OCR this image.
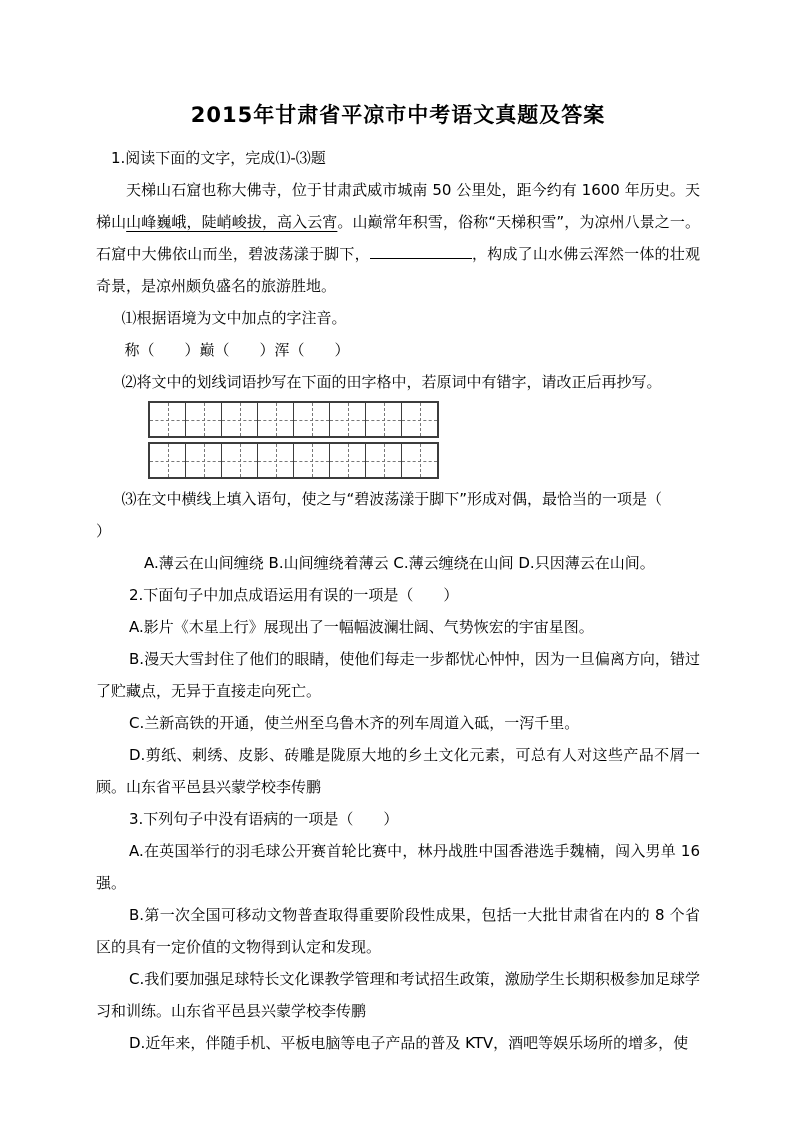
2015年甘肃省平凉市中考语文真题及答案

1.阅读下面的文字，完成⑴-⑶题

天梯山石窟也称大佛寺，位于甘肃武威市城南 50 公里处，距今约有 1600 年历史。天梯山山峰巍峨，陡峭峻拔，高入云宵。山巅常年积雪，俗称“天梯积雪”，为凉州八景之一。石窟中大佛依山而坐，碧波荡漾于脚下，	，构成了山水佛云浑然一体的壮观奇景，是凉州颇负盛名的旅游胜地。

⑴根据语境为文中加点的字注音。

称（　　）巅（　　）浑（　　）

⑵将文中的划线词语抄写在下面的田字格中，若原词中有错字，请改正后再抄写。

⑶在文中横线上填入语句，使之与“碧波荡漾于脚下”形成对偶，最恰当的一项是（

）

A.薄云在山间缠绕 B.山间缠绕着薄云 C.薄云缠绕在山间 D.只因薄云在山间。

2.下面句子中加点成语运用有误的一项是（　　）

A.影片《木星上行》展现出了一幅幅波澜壮阔、气势恢宏的宇宙星图。

B.漫天大雪封住了他们的眼睛，使他们每走一步都忧心忡忡，因为一旦偏离方向，错过了贮藏点，无异于直接走向死亡。

C.兰新高铁的开通，使兰州至乌鲁木齐的列车周道入砥，一泻千里。

D.剪纸、刺绣、皮影、砖雕是陇原大地的乡土文化元素，可总有人对这些产品不屑一顾。山东省平邑县兴蒙学校李传鹏

3.下列句子中没有语病的一项是（　　）

A.在英国举行的羽毛球公开赛首轮比赛中，林丹战胜中国香港选手魏楠，闯入男单 16 强。

B.第一次全国可移动文物普查取得重要阶段性成果，包括一大批甘肃省在内的 8 个省区的具有一定价值的文物得到认定和发现。

C.我们要加强足球特长文化课教学管理和考试招生政策，激励学生长期积极参加足球学习和训练。山东省平邑县兴蒙学校李传鹏

D.近年来，伴随手机、平板电脑等电子产品的普及 KTV，酒吧等娱乐场所的增多，使
